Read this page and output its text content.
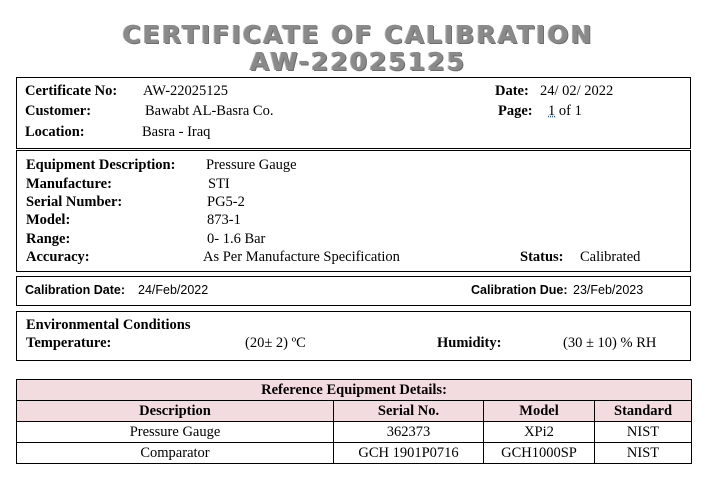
CERTIFICATE OF CALIBRATION
AW-22025125
Certificate No: AW-22025125
Customer:	Bawabt AL-Basra Co.
Location:	Basra - Iraq
Date: 24/ 02/ 2022
Page: 1 of 1
Equipment Description: Pressure Gauge
Manufacture:	STI
Serial Number:	PG5-2
Model:	873-1
Range:	0- 1.6 Bar
Accuracy:	As Per Manufacture Specification	Status: Calibrated
Calibration Date: 24/Feb/2022	Calibration Due: 23/Feb/2023
Environmental Conditions
Temperature:	(20± 2) ºC	Humidity:	(30 ± 10) % RH
Reference Equipment Details:			
Description	Serial No.	Model	Standard
Pressure Gauge	362373	XPi2	NIST
Comparator	GCH 1901P0716	GCH1000SP	NIST
